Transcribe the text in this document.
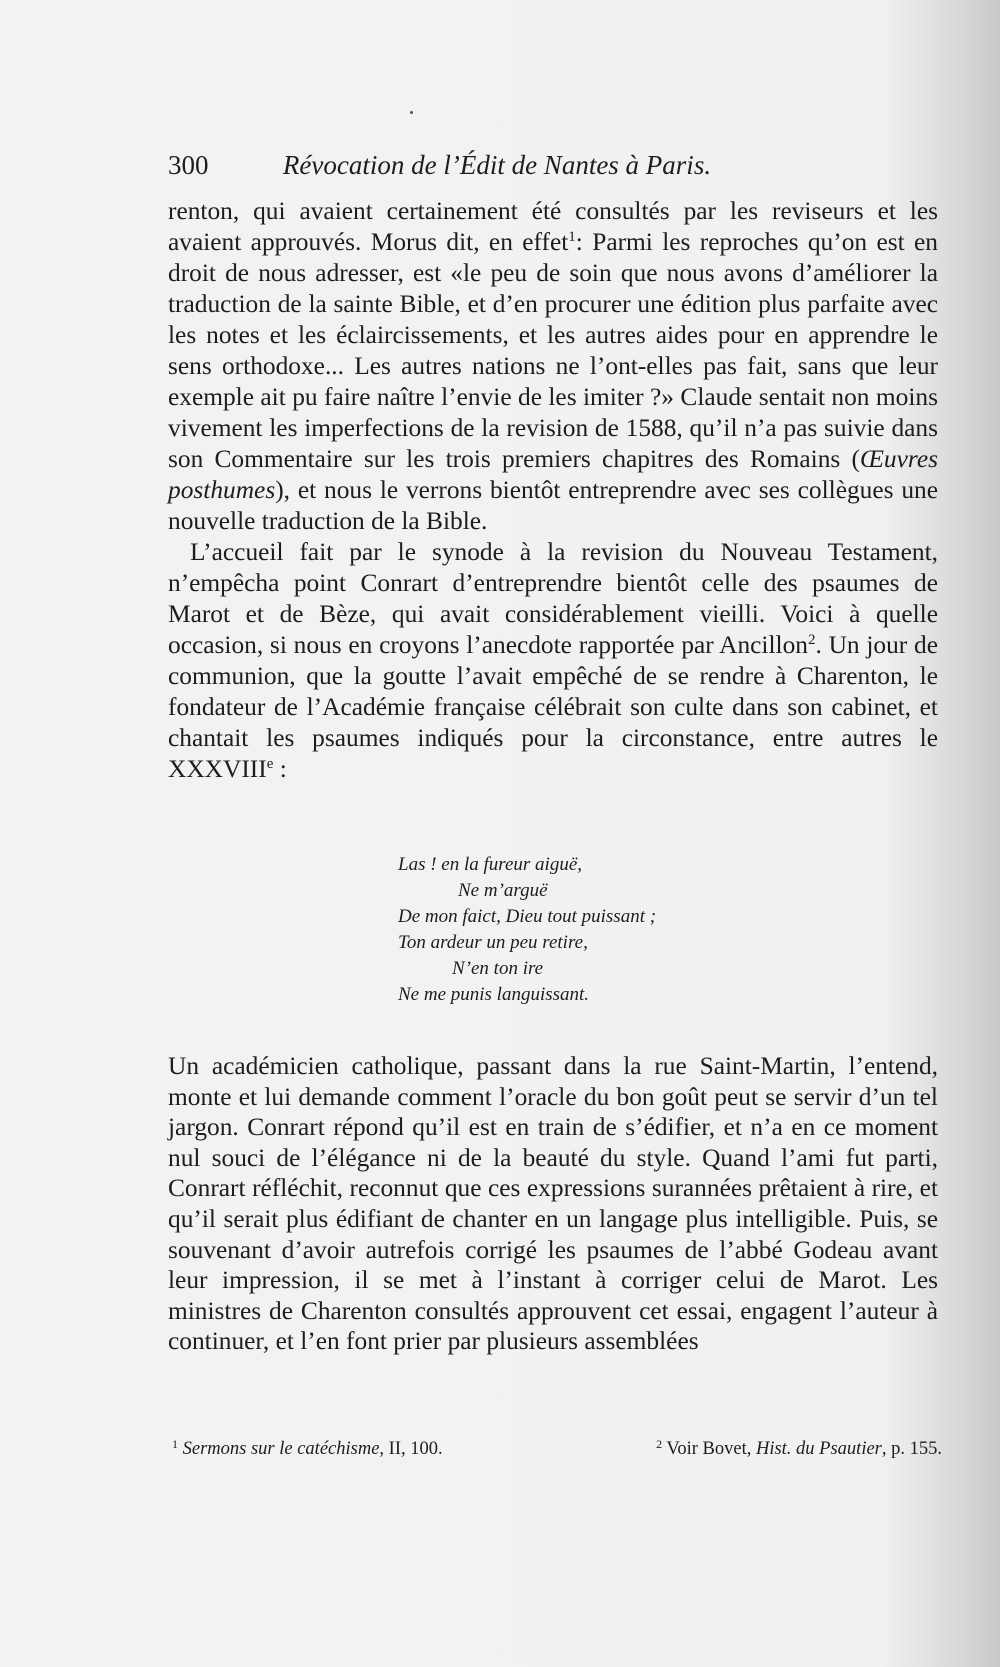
300	Révocation de l’Édit de Nantes à Paris.

renton, qui avaient certainement été consultés par les reviseurs et les avaient approuvés. Morus dit, en effet$^1$: Parmi les reproches qu’on est en droit de nous adresser, est «le peu de soin que nous avons d’améliorer la traduction de la sainte Bible, et d’en procurer une édition plus parfaite avec les notes et les éclaircissements, et les autres aides pour en apprendre le sens orthodoxe... Les autres nations ne l’ont-elles pas fait, sans que leur exemple ait pu faire naître l’envie de les imiter ?» Claude sentait non moins vivement les imperfections de la revision de 1588, qu’il n’a pas suivie dans son Commentaire sur les trois premiers chapitres des Romains (Œuvres posthumes), et nous le verrons bientôt entreprendre avec ses collègues une nouvelle traduction de la Bible.

L’accueil fait par le synode à la revision du Nouveau Testament, n’empêcha point Conrart d’entreprendre bientôt celle des psaumes de Marot et de Bèze, qui avait considérablement vieilli. Voici à quelle occasion, si nous en croyons l’anecdote rapportée par Ancillon$^2$. Un jour de communion, que la goutte l’avait empêché de se rendre à Charenton, le fondateur de l’Académie française célébrait son culte dans son cabinet, et chantait les psaumes indiqués pour la circonstance, entre autres le XXXVIIIe :

Las ! en la fureur aiguë,
Ne m’arguë
De mon faict, Dieu tout puissant ;
Ton ardeur un peu retire,
N’en ton ire
Ne me punis languissant.

Un académicien catholique, passant dans la rue Saint-Martin, l’entend, monte et lui demande comment l’oracle du bon goût peut se servir d’un tel jargon. Conrart répond qu’il est en train de s’édifier, et n’a en ce moment nul souci de l’élégance ni de la beauté du style. Quand l’ami fut parti, Conrart réfléchit, reconnut que ces expressions surannées prêtaient à rire, et qu’il serait plus édifiant de chanter en un langage plus intelligible. Puis, se souvenant d’avoir autrefois corrigé les psaumes de l’abbé Godeau avant leur impression, il se met à l’instant à corriger celui de Marot. Les ministres de Charenton consultés approuvent cet essai, engagent l’auteur à continuer, et l’en font prier par plusieurs assemblées

$^1$ Sermons sur le catéchisme, II, 100.	$^2$ Voir Bovet, Hist. du Psautier, p. 155.
